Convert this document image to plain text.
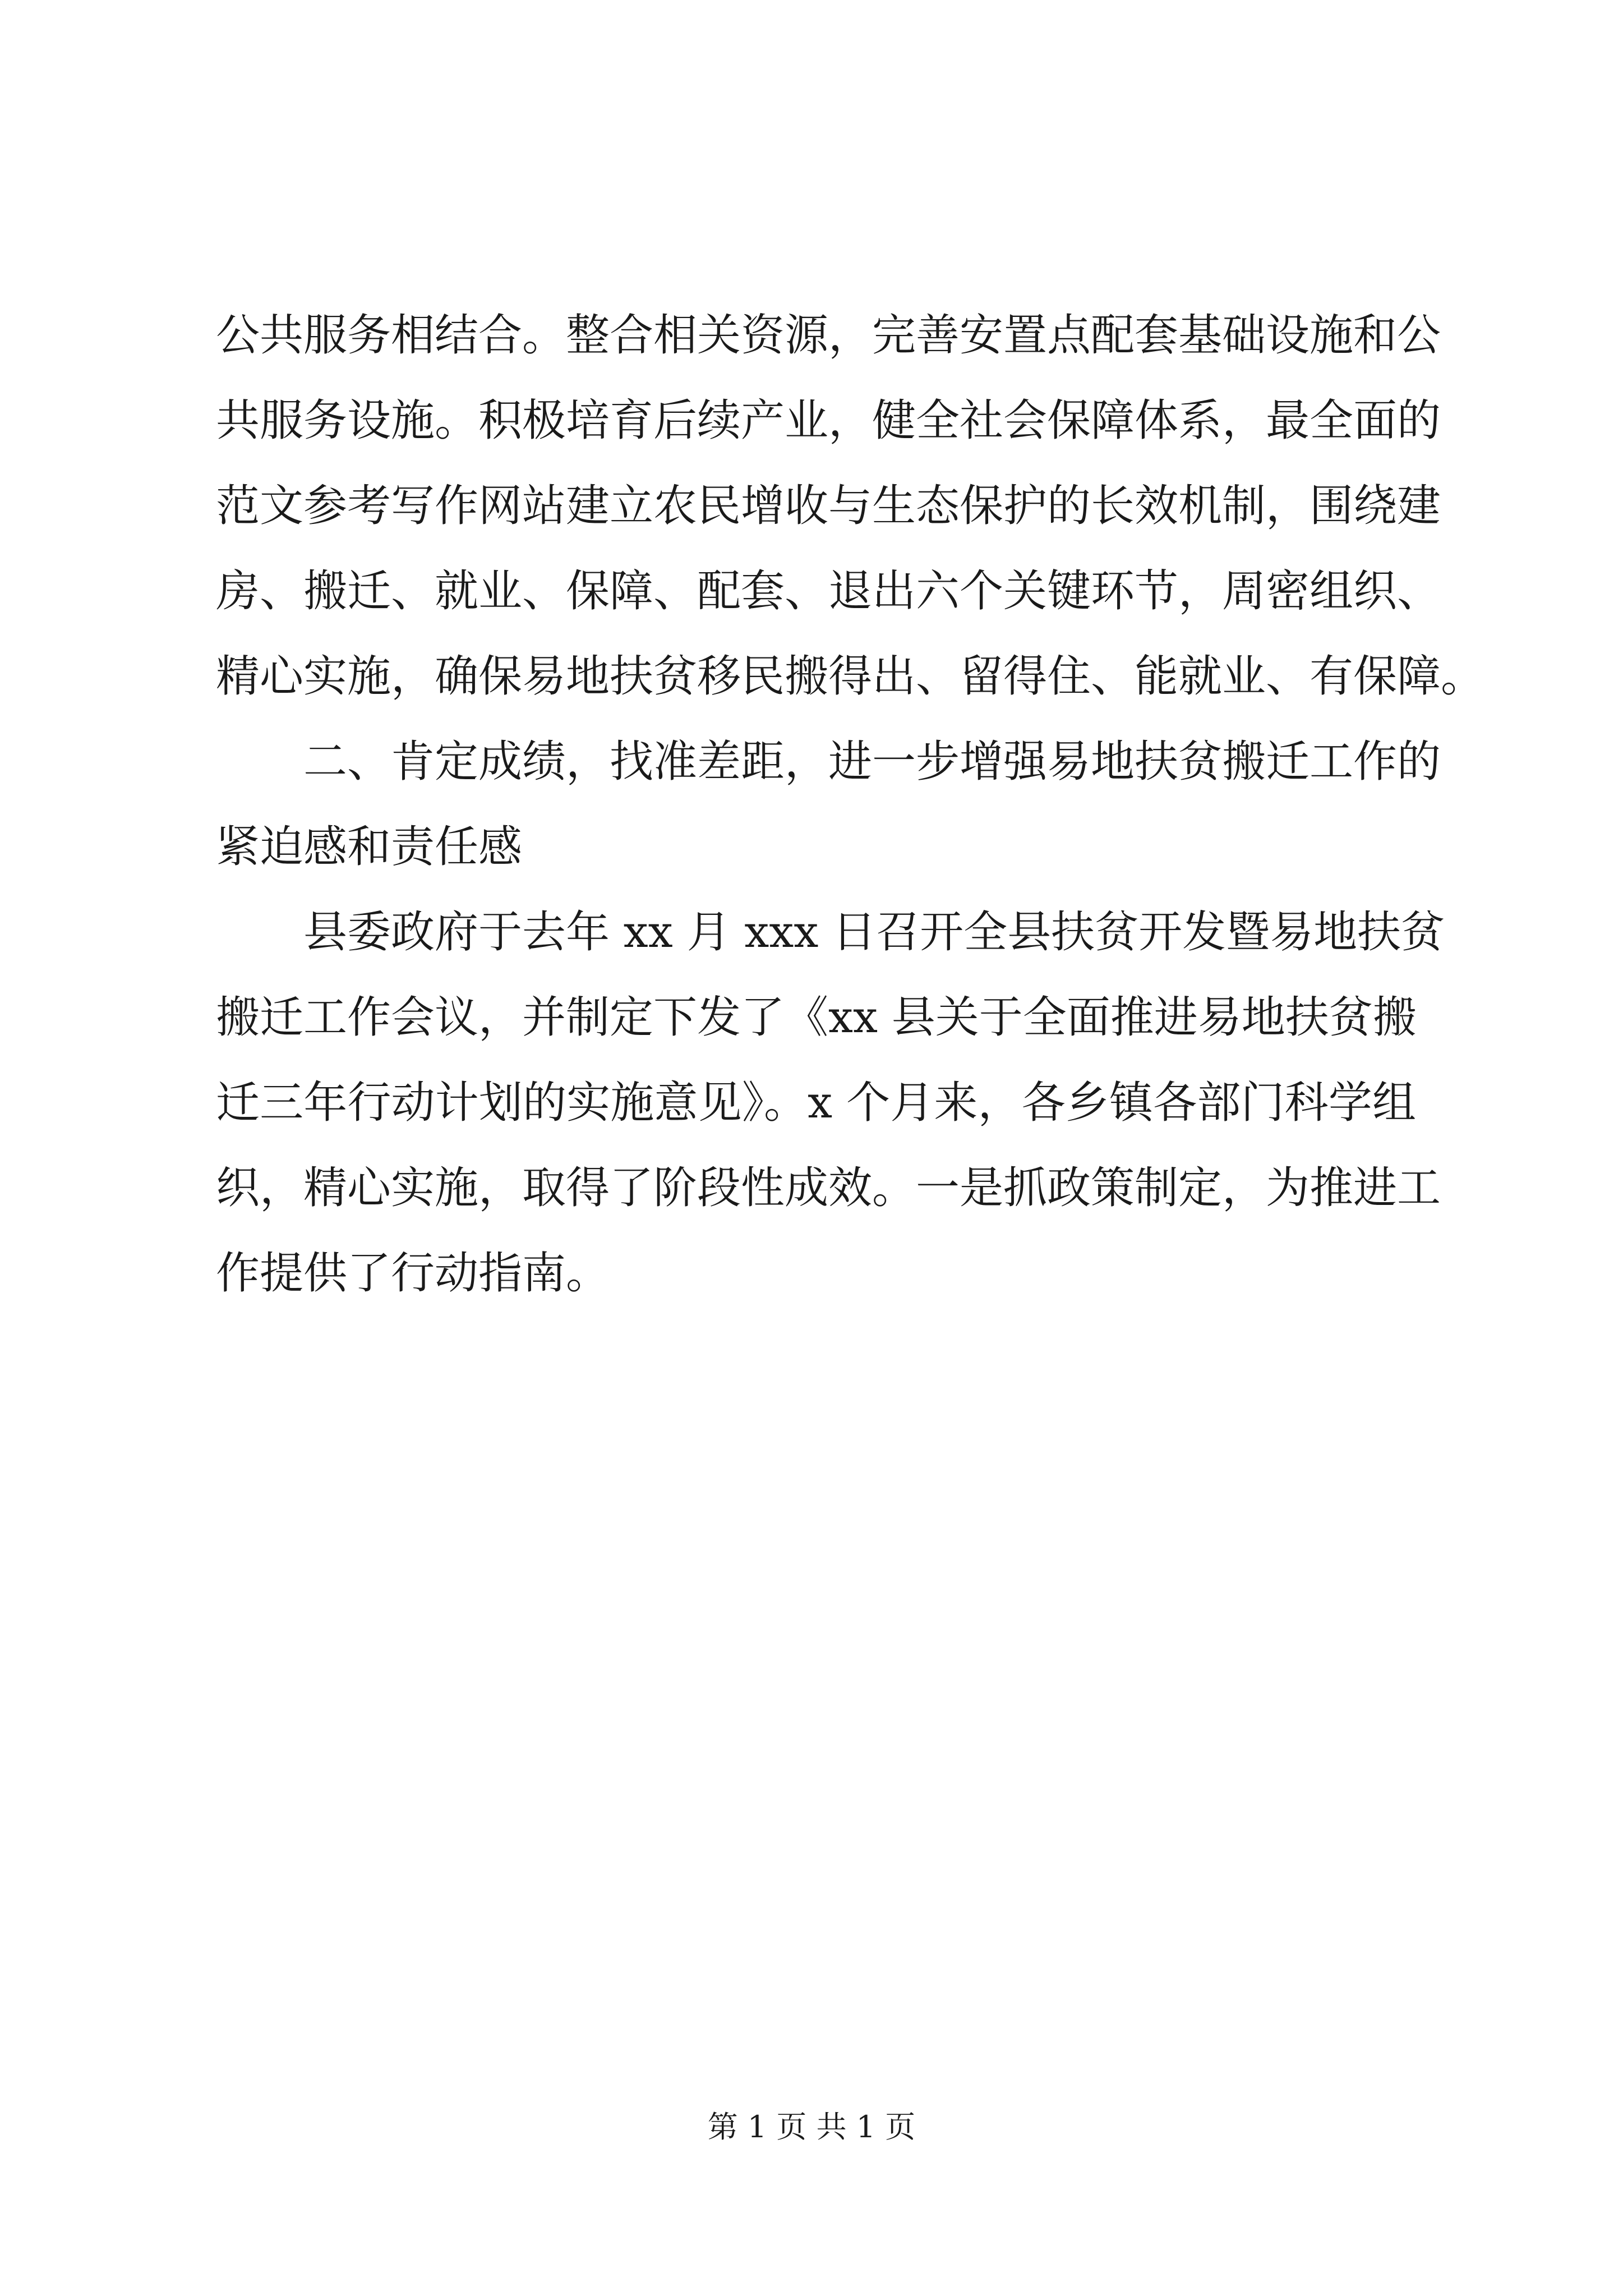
公共服务相结合。整合相关资源，完善安置点配套基础设施和公
共服务设施。积极培育后续产业，健全社会保障体系，最全面的
范文参考写作网站建立农民增收与生态保护的长效机制，围绕建
房、搬迁、就业、保障、配套、退出六个关键环节，周密组织、
精心实施，确保易地扶贫移民搬得出、留得住、能就业、有保障。
二、肯定成绩，找准差距，进一步增强易地扶贫搬迁工作的
紧迫感和责任感
县委政府于去年 xx 月 xxx 日召开全县扶贫开发暨易地扶贫
搬迁工作会议，并制定下发了《xx 县关于全面推进易地扶贫搬
迁三年行动计划的实施意见》。x 个月来，各乡镇各部门科学组
织，精心实施，取得了阶段性成效。一是抓政策制定，为推进工
作提供了行动指南。
第 1 页 共 1 页
